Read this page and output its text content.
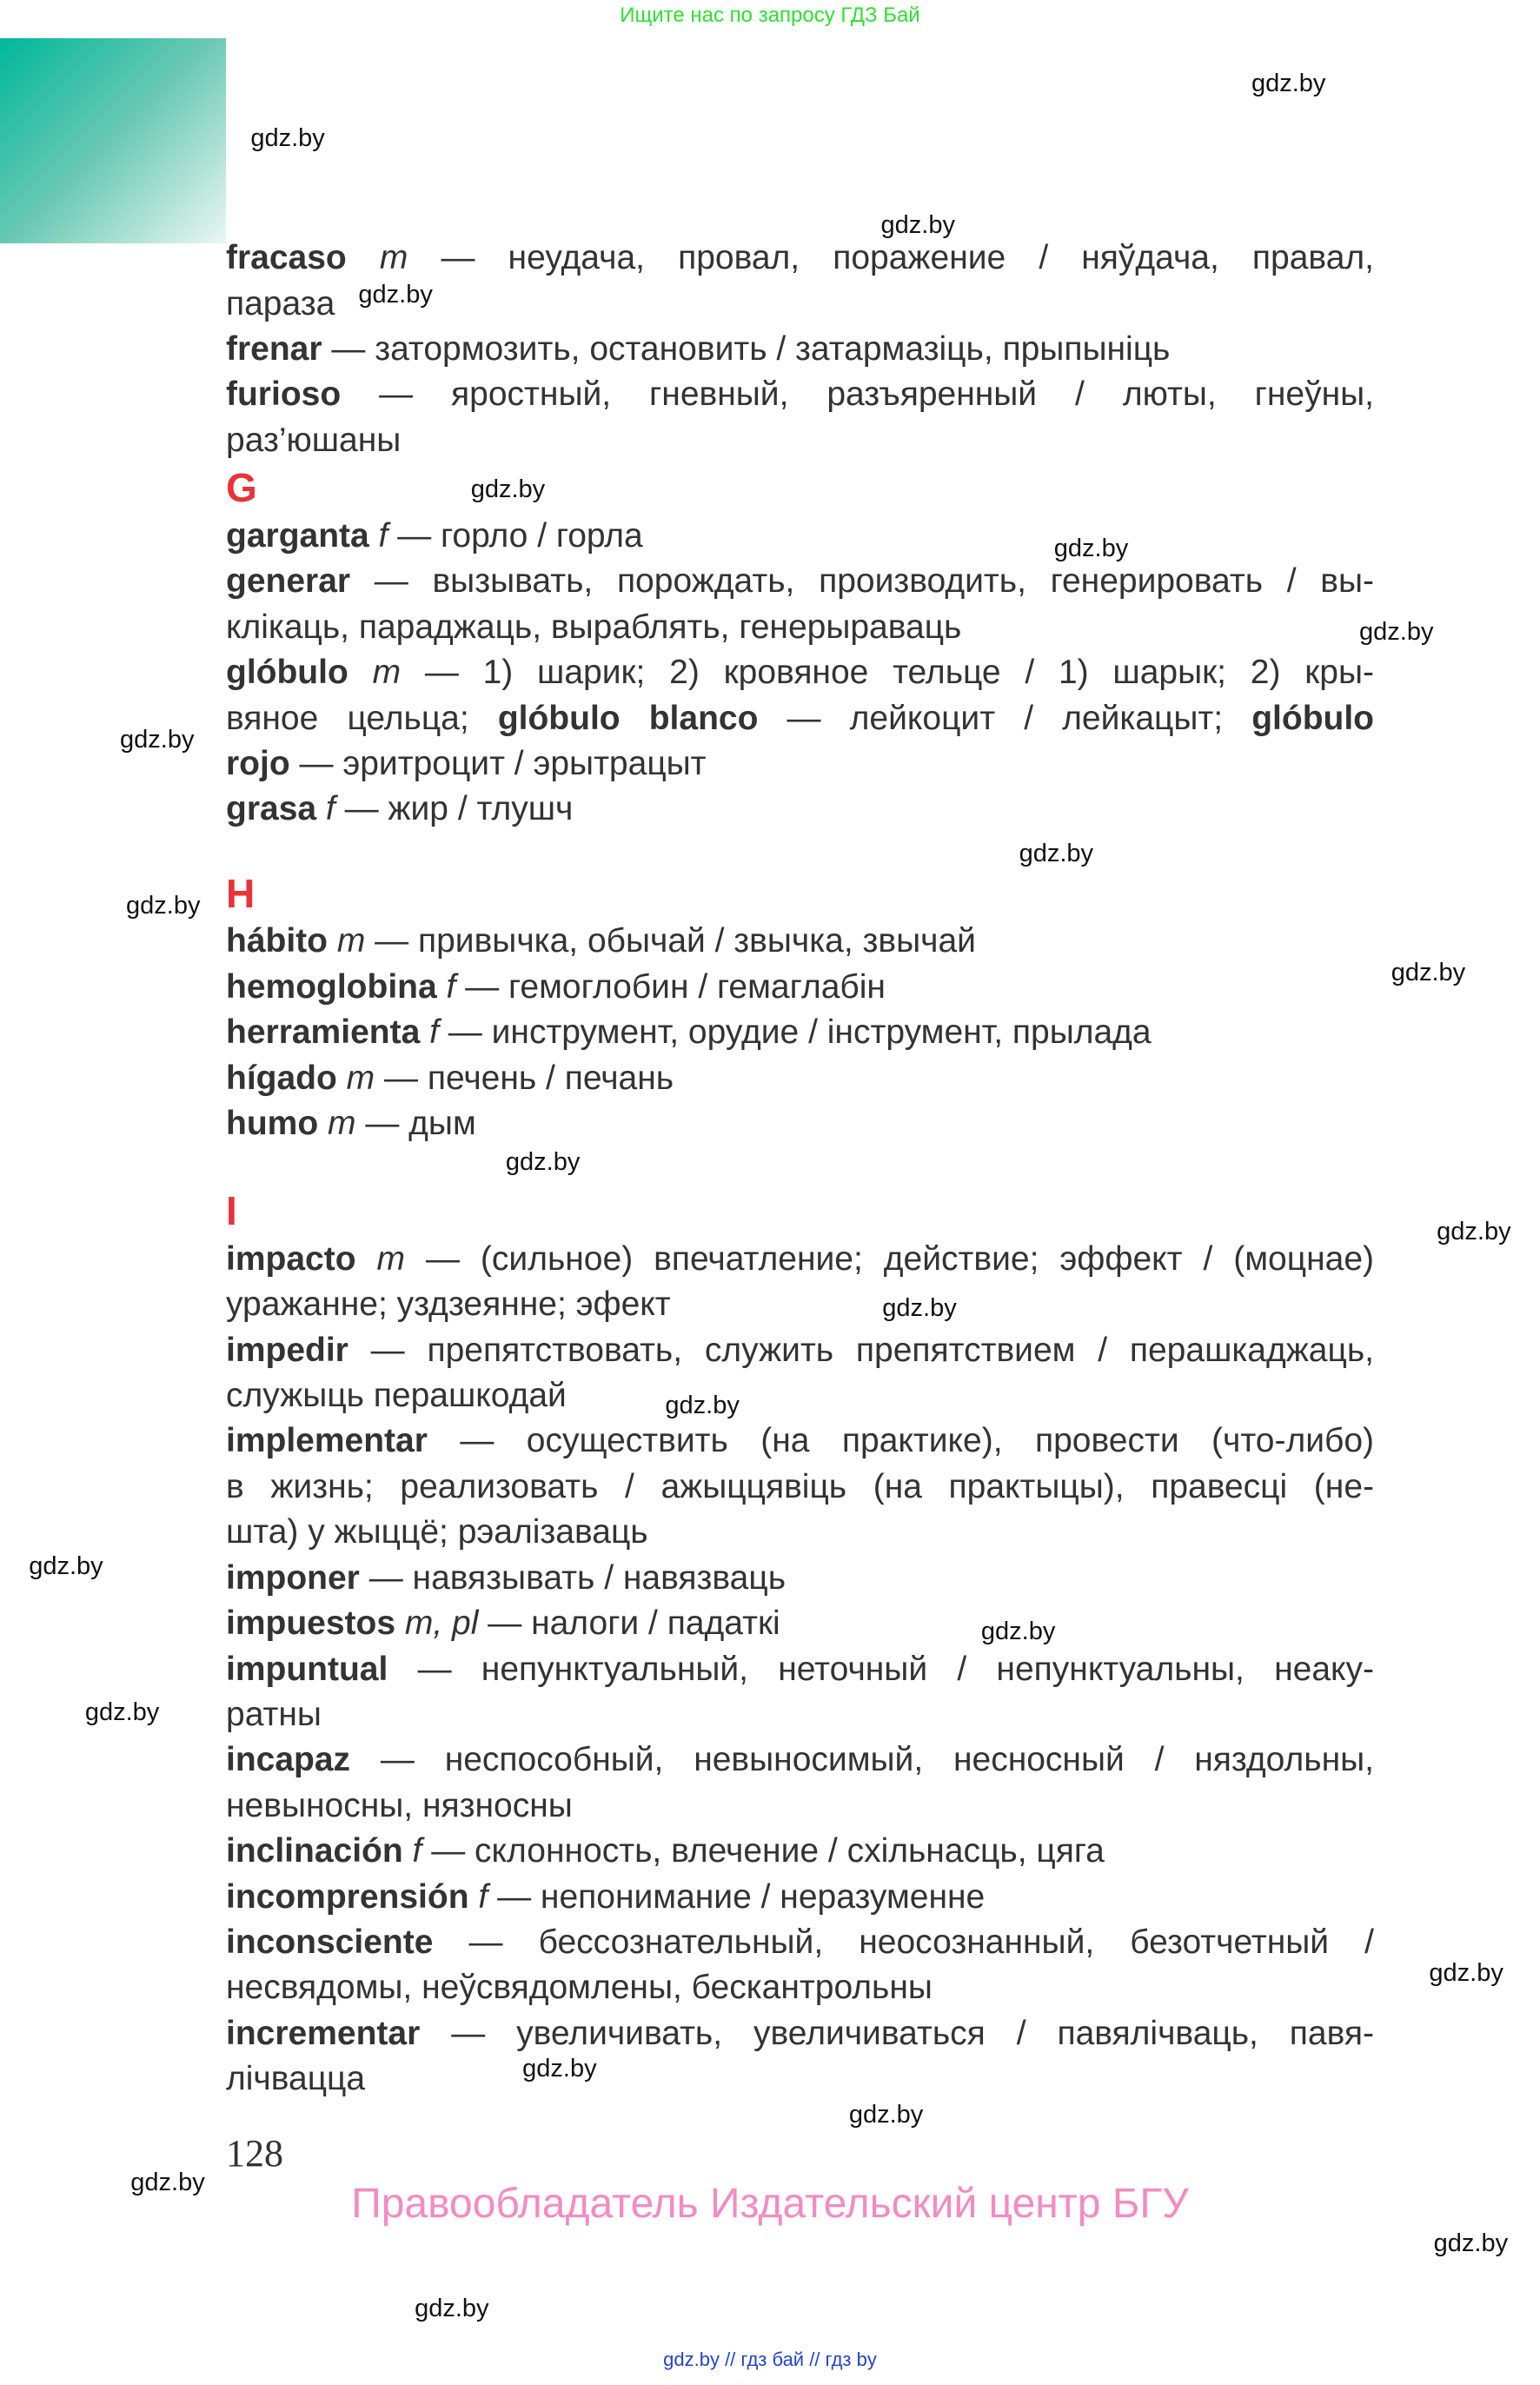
Ищите нас по запросу ГДЗ Бай
fracaso m — неудача, провал, поражение / няўдача, правал,
параза
frenar — затормозить, остановить / затармазіць, прыпыніць
furioso — яростный, гневный, разъяренный / люты, гнеўны,
раз’юшаны
G
garganta f — горло / горла
generar — вызывать, порождать, производить, генерировать / вы-
клікаць, параджаць, выраблять, генерыраваць
glóbulo m — 1) шарик; 2) кровяное тельце / 1) шарык; 2) кры-
вяное цельца; glóbulo blanco — лейкоцит / лейкацыт; glóbulo
rojo — эритроцит / эрытрацыт
grasa f — жир / тлушч
H
hábito m — привычка, обычай / звычка, звычай
hemoglobina f — гемоглобин / гемаглабін
herramienta f — инструмент, орудие / інструмент, прылада
hígado m — печень / печань
humo m — дым
I
impacto m — (сильное) впечатление; действие; эффект / (моцнае)
уражанне; уздзеянне; эфект
impedir — препятствовать, служить препятствием / перашкаджаць,
служыць перашкодай
implementar — осуществить (на практике), провести (что-либо)
в жизнь; реализовать / ажыццявіць (на практыцы), правесці (не-
шта) у жыццё; рэалізаваць
imponer — навязывать / навязваць
impuestos m, pl — налоги / падаткі
impuntual — непунктуальный, неточный / непунктуальны, неаку-
ратны
incapaz — неспособный, невыносимый, несносный / няздольны,
невыносны, нязносны
inclinación f — склонность, влечение / схільнасць, цяга
incomprensión f — непонимание / неразуменне
inconsciente — бессознательный, неосознанный, безотчетный /
несвядомы, неўсвядомлены, бескантрольны
incrementar — увеличивать, увеличиваться / павялічваць, павя-
лічвацца
gdz.by
gdz.by
gdz.by
gdz.by
gdz.by
gdz.by
gdz.by
gdz.by
gdz.by
gdz.by
gdz.by
gdz.by
gdz.by
gdz.by
gdz.by
gdz.by
gdz.by
gdz.by
gdz.by
gdz.by
gdz.by
gdz.by
gdz.by
gdz.by
128
Правообладатель Издательский центр БГУ
gdz.by // гдз бай // гдз by
